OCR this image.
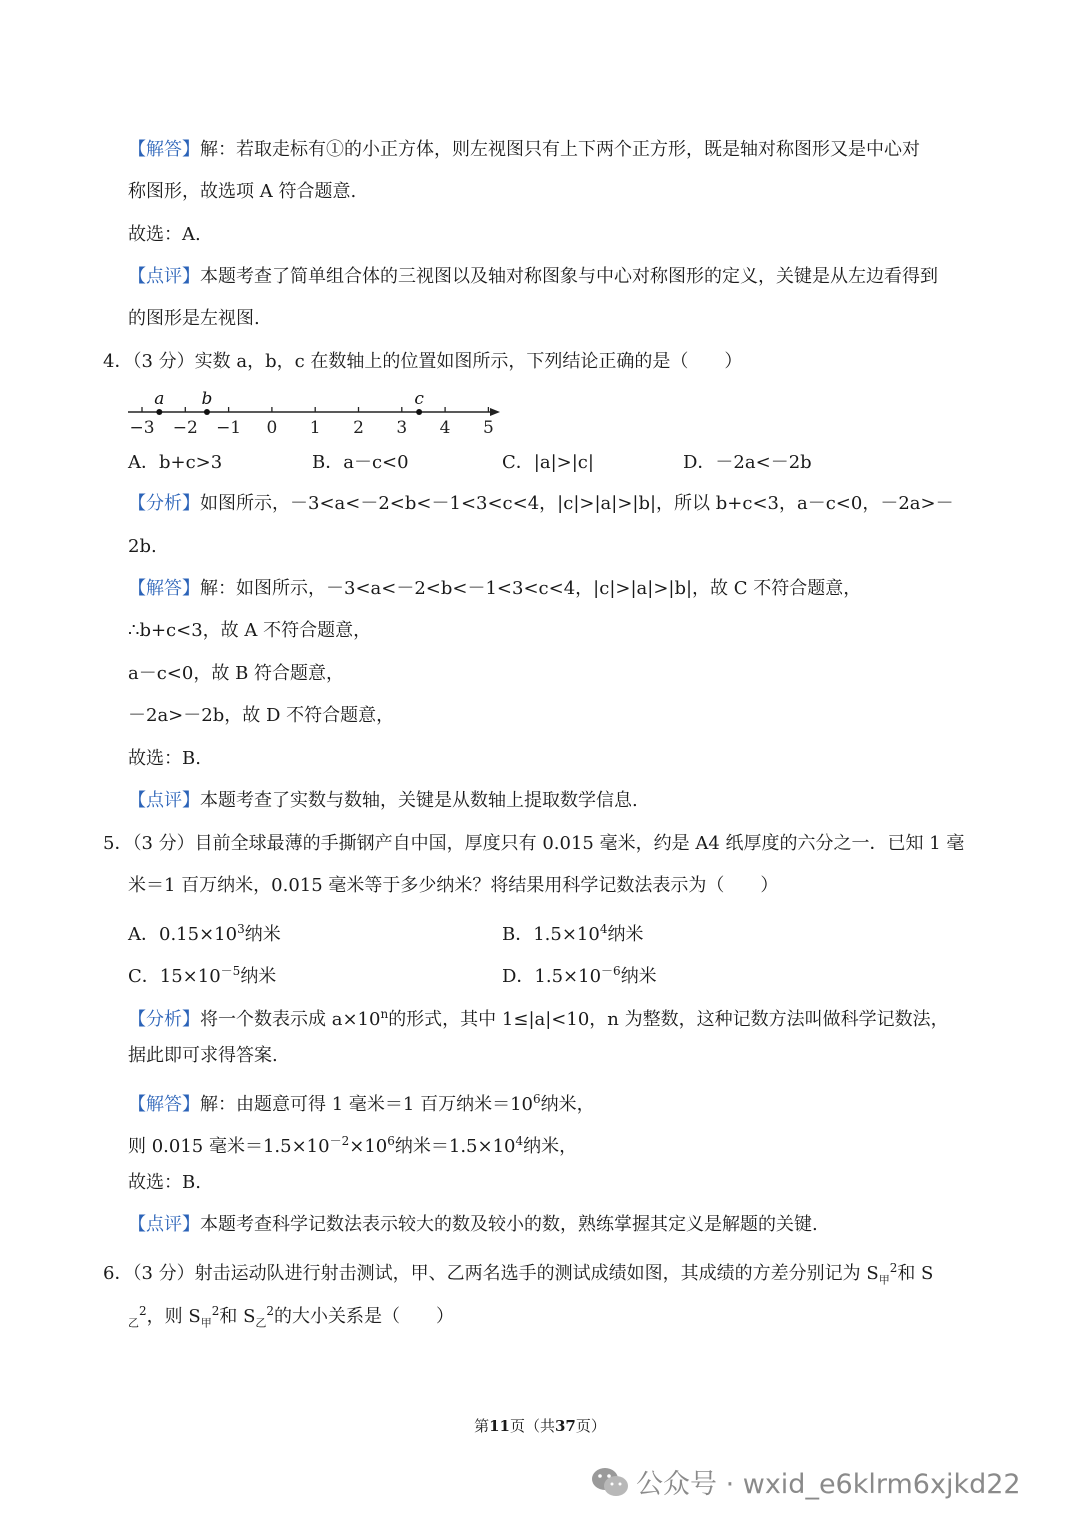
【解答】解：若取走标有①的小正方体，则左视图只有上下两个正方形，既是轴对称图形又是中心对
称图形，故选项 A 符合题意.
故选：A.
【点评】本题考查了简单组合体的三视图以及轴对称图象与中心对称图形的定义，关键是从左边看得到
的图形是左视图.
4．（3 分）实数 a，b，c 在数轴上的位置如图所示，下列结论正确的是（　　）
−3 −2 −1 0 1 2 3 4 5
a b	c
A．b+c>3	B．a－c<0	C．|a|>|c|	D．－2a<－2b
【分析】如图所示，－3<a<－2<b<－1<3<c<4，|c|>|a|>|b|，所以 b+c<3，a－c<0，－2a>－
2b.
【解答】解：如图所示，－3<a<－2<b<－1<3<c<4，|c|>|a|>|b|，故 C 不符合题意，
∴b+c<3，故 A 不符合题意，
a－c<0，故 B 符合题意，
－2a>－2b，故 D 不符合题意，
故选：B.
【点评】本题考查了实数与数轴，关键是从数轴上提取数学信息.
5．（3 分）目前全球最薄的手撕钢产自中国，厚度只有 0.015 毫米，约是 A4 纸厚度的六分之一．已知 1 毫
米＝1 百万纳米，0.015 毫米等于多少纳米？将结果用科学记数法表示为（　　）
A．$0.15\times 10^3$纳米	B．$1.5\times 10^4$纳米
C．$15\times 10^{-5}$纳米	D．$1.5\times 10^{-6}$纳米
【分析】将一个数表示成 $a\times 10^n$的形式，其中 1≤|a|<10，n 为整数，这种记数方法叫做科学记数法，
据此即可求得答案.
【解答】解：由题意可得 1 毫米＝1 百万纳米$=10^6$纳米，
则 0.015 毫米$=1.5\times 10^{-2}\times 10^6$纳米$=1.5\times 10^4$纳米，
故选：B.
【点评】本题考查科学记数法表示较大的数及较小的数，熟练掌握其定义是解题的关键.
6．（3 分）射击运动队进行射击测试，甲、乙两名选手的测试成绩如图，其成绩的方差分别记为 $S_甲^2$和 S
$_乙^2$，则 $S_甲^2$和 $S_乙^2$的大小关系是（　　）
第11页（共37页）
公众号 · wxid_e6klrm6xjkd22
